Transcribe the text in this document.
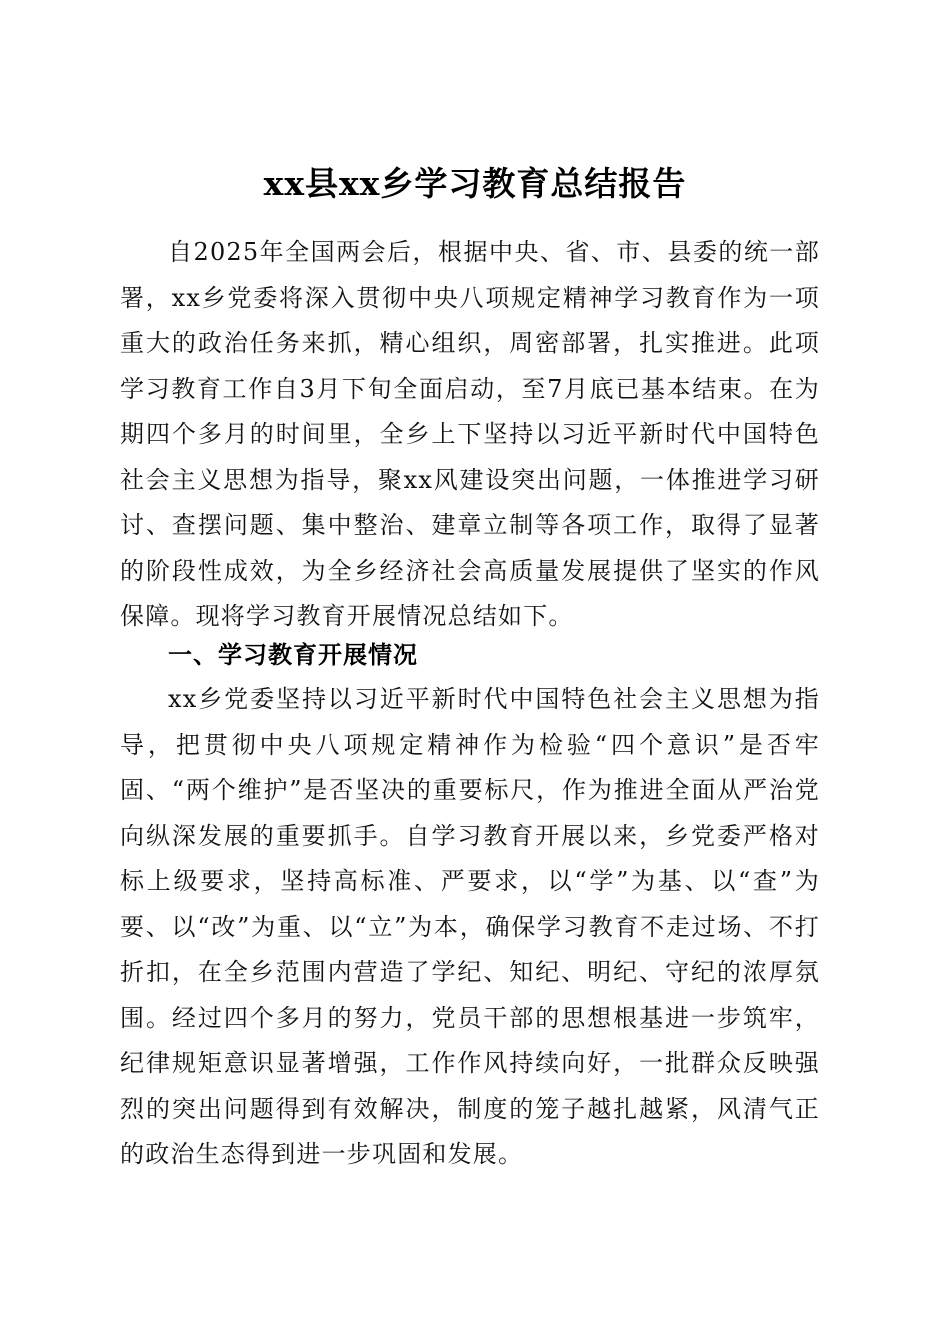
xx县xx乡学习教育总结报告

自2025年全国两会后，根据中央、省、市、县委的统一部署，xx乡党委将深入贯彻中央八项规定精神学习教育作为一项重大的政治任务来抓，精心组织，周密部署，扎实推进。此项学习教育工作自3月下旬全面启动，至7月底已基本结束。在为期四个多月的时间里，全乡上下坚持以习近平新时代中国特色社会主义思想为指导，聚xx风建设突出问题，一体推进学习研讨、查摆问题、集中整治、建章立制等各项工作，取得了显著的阶段性成效，为全乡经济社会高质量发展提供了坚实的作风保障。现将学习教育开展情况总结如下。

一、学习教育开展情况

xx乡党委坚持以习近平新时代中国特色社会主义思想为指导，把贯彻中央八项规定精神作为检验“四个意识”是否牢固、“两个维护”是否坚决的重要标尺，作为推进全面从严治党向纵深发展的重要抓手。自学习教育开展以来，乡党委严格对标上级要求，坚持高标准、严要求，以“学”为基、以“查”为要、以“改”为重、以“立”为本，确保学习教育不走过场、不打折扣，在全乡范围内营造了学纪、知纪、明纪、守纪的浓厚氛围。经过四个多月的努力，党员干部的思想根基进一步筑牢，纪律规矩意识显著增强，工作作风持续向好，一批群众反映强烈的突出问题得到有效解决，制度的笼子越扎越紧，风清气正的政治生态得到进一步巩固和发展。
